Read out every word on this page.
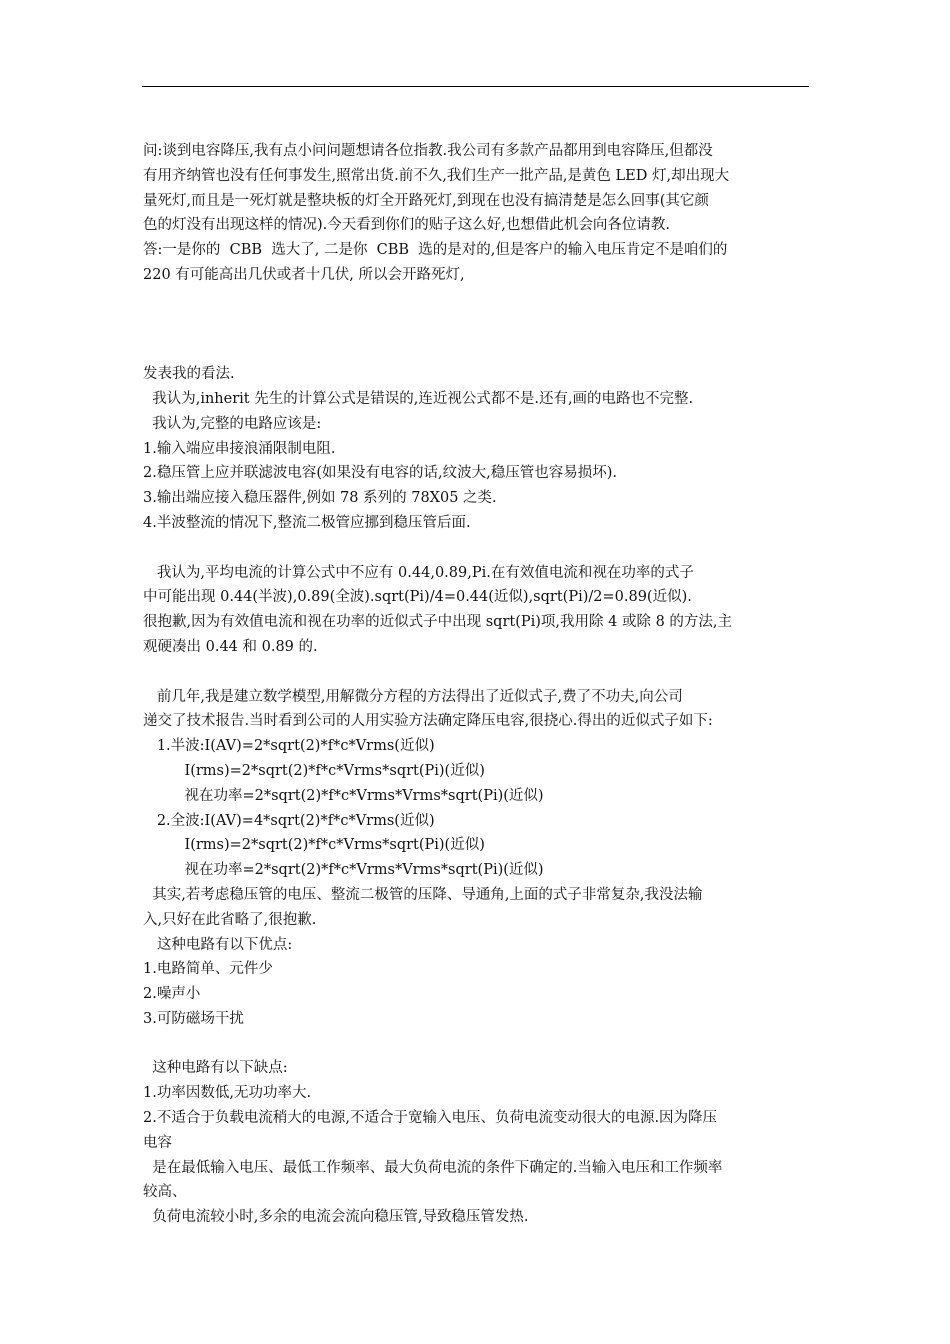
问:谈到电容降压,我有点小问问题想请各位指教.我公司有多款产品都用到电容降压,但都没
有用齐纳管也没有任何事发生,照常出货.前不久,我们生产一批产品,是黄色 LED 灯,却出现大
量死灯,而且是一死灯就是整块板的灯全开路死灯,到现在也没有搞清楚是怎么回事(其它颜
色的灯没有出现这样的情况).今天看到你们的贴子这么好,也想借此机会向各位请教.
答:一是你的  CBB  选大了, 二是你  CBB  选的是对的,但是客户的输入电压肯定不是咱们的
220 有可能高出几伏或者十几伏, 所以会开路死灯,
发表我的看法.
我认为,inherit 先生的计算公式是错误的,连近视公式都不是.还有,画的电路也不完整.
我认为,完整的电路应该是:
1.输入端应串接浪涌限制电阻.
2.稳压管上应并联滤波电容(如果没有电容的话,纹波大,稳压管也容易损坏).
3.输出端应接入稳压器件,例如 78 系列的 78X05 之类.
4.半波整流的情况下,整流二极管应挪到稳压管后面.
我认为,平均电流的计算公式中不应有 0.44,0.89,Pi.在有效值电流和视在功率的式子
中可能出现 0.44(半波),0.89(全波).sqrt(Pi)/4=0.44(近似),sqrt(Pi)/2=0.89(近似).
很抱歉,因为有效值电流和视在功率的近似式子中出现 sqrt(Pi)项,我用除 4 或除 8 的方法,主
观硬凑出 0.44 和 0.89 的.
前几年,我是建立数学模型,用解微分方程的方法得出了近似式子,费了不功夫,向公司
递交了技术报告.当时看到公司的人用实验方法确定降压电容,很挠心.得出的近似式子如下:
1.半波:I(AV)=2*sqrt(2)*f*c*Vrms(近似)
I(rms)=2*sqrt(2)*f*c*Vrms*sqrt(Pi)(近似)
视在功率=2*sqrt(2)*f*c*Vrms*Vrms*sqrt(Pi)(近似)
2.全波:I(AV)=4*sqrt(2)*f*c*Vrms(近似)
I(rms)=2*sqrt(2)*f*c*Vrms*sqrt(Pi)(近似)
视在功率=2*sqrt(2)*f*c*Vrms*Vrms*sqrt(Pi)(近似)
其实,若考虑稳压管的电压、整流二极管的压降、导通角,上面的式子非常复杂,我没法输
入,只好在此省略了,很抱歉.
这种电路有以下优点:
1.电路简单、元件少
2.噪声小
3.可防磁场干扰
这种电路有以下缺点:
1.功率因数低,无功功率大.
2.不适合于负载电流稍大的电源,不适合于宽输入电压、负荷电流变动很大的电源.因为降压
电容
是在最低输入电压、最低工作频率、最大负荷电流的条件下确定的.当输入电压和工作频率
较高、
负荷电流较小时,多余的电流会流向稳压管,导致稳压管发热.
